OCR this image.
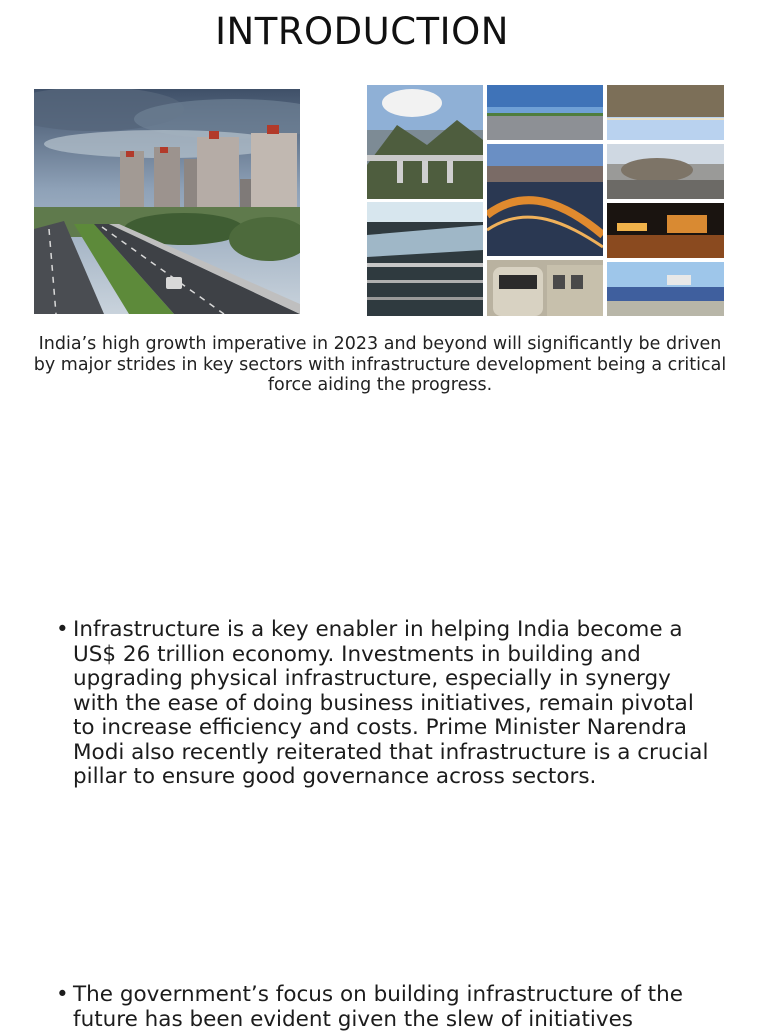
INTRODUCTION
India’s high growth imperative in 2023 and beyond will significantly be driven by major strides in key sectors with infrastructure development being a critical force aiding the progress.
• Infrastructure is a key enabler in helping India become a US$ 26 trillion economy. Investments in building and upgrading physical infrastructure, especially in synergy with the ease of doing business initiatives, remain pivotal to increase efficiency and costs. Prime Minister Narendra Modi also recently reiterated that infrastructure is a crucial pillar to ensure good governance across sectors.
• The government’s focus on building infrastructure of the future has been evident given the slew of initiatives
